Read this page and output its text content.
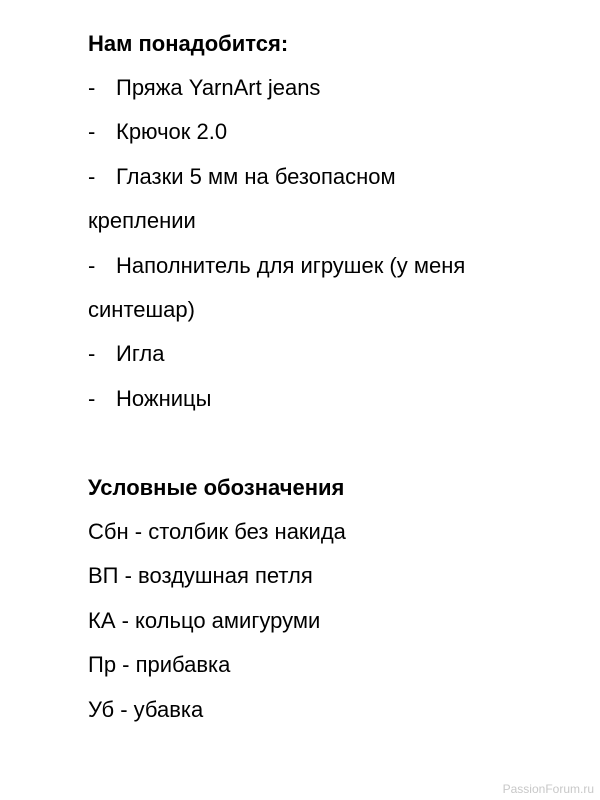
Нам понадобится:
- Пряжа YarnArt jeans
- Крючок 2.0
- Глазки 5 мм на безопасном
креплении
- Наполнитель для игрушек (у меня
синтешар)
- Игла
- Ножницы
Условные обозначения
Сбн - столбик без накида
ВП - воздушная петля
КА - кольцо амигуруми
Пр - прибавка
Уб - убавка
PassionForum.ru
